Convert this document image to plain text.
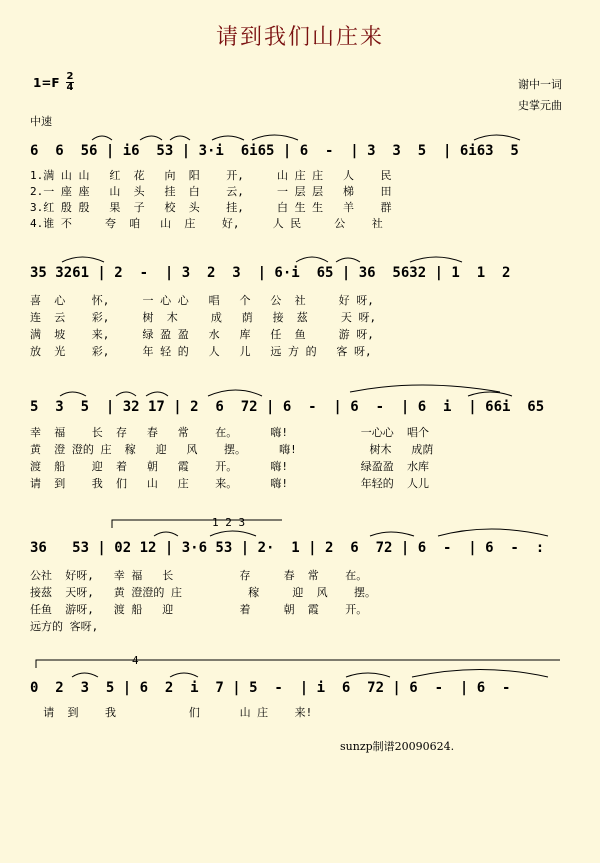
请到我们山庄来
1=F 2
4	谢中一词
史掌元曲
中速
6  6  56 | i6  53 | 3·i  6i65 | 6  -  | 3  3  5  | 6i63  5
1.满 山 山   红  花   向  阳    开,     山 庄 庄   人    民
2.一 座 座   山  头   挂  白    云,     一 层 层   梯    田
3.红 殷 殷   果  子   校  头    挂,     白 生 生   羊    群
4.谁 不     夸  咱   山  庄    好,     人 民     公    社
35 3261 | 2  -  | 3  2  3  | 6·i  65 | 36  5632 | 1  1  2
喜  心    怀,     一 心 心   唱   个   公  社     好 呀,
连  云    彩,     树  木     成   荫   接  茲     天 呀,
满  坡    来,     绿 盈 盈   水   库   任  鱼     游 呀,
放  光    彩,     年 轻 的   人   儿   远 方 的   客 呀,
5  3  5  | 32 17 | 2  6  72 | 6  -  | 6  -  | 6  i  | 66i  65
幸  福    长  存   春   常    在。     嗨!           一心心  唱个
黄  澄 澄的 庄  稼   迎   风    摆。     嗨!           树木   成荫
渡  船    迎  着   朝   霞    开。     嗨!           绿盈盈  水库
请  到    我  们   山   庄    来。     嗨!           年轻的  人儿
1 2 3
36   53 | 02 12 | 3·6 53 | 2·  1 | 2  6  72 | 6  -  | 6  -  :
公社  好呀,   幸 福   长          存     春  常    在。
接茲  天呀,   黄 澄澄的 庄          稼     迎  风    摆。
任鱼  游呀,   渡 船   迎          着     朝  霞    开。
远方的 客呀,
4
0  2  3  5 | 6  2  i  7 | 5  -  | i  6  72 | 6  -  | 6  -
请  到    我           们      山 庄    来!
sunzp制谱20090624.
